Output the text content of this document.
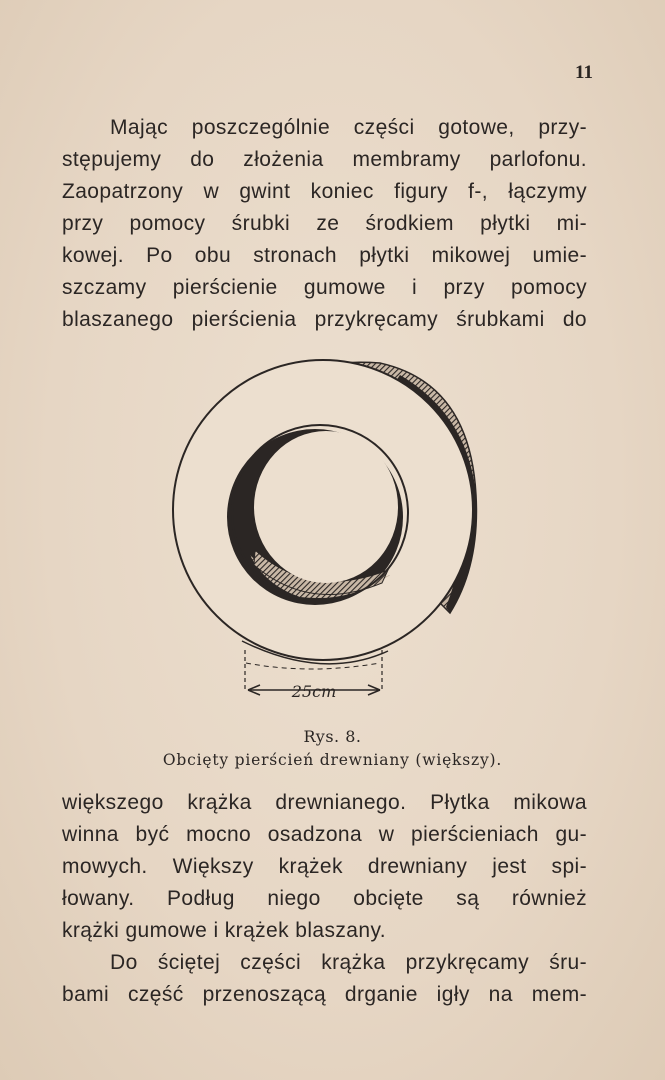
11
Mając poszczególnie części gotowe, przy-
stępujemy do złożenia membramy parlofonu.
Zaopatrzony w gwint koniec figury f-, łączymy
przy pomocy śrubki ze środkiem płytki mi-
kowej. Po obu stronach płytki mikowej umie-
szczamy pierścienie gumowe i przy pomocy
blaszanego pierścienia przykręcamy śrubkami do
25cm
Rys. 8.
Obcięty pierścień drewniany (większy).
większego krążka drewnianego. Płytka mikowa
winna być mocno osadzona w pierścieniach gu-
mowych. Większy krążek drewniany jest spi-
łowany. Podług niego obcięte są również
krążki gumowe i krążek blaszany.
Do ściętej części krążka przykręcamy śru-
bami część przenoszącą drganie igły na mem-
